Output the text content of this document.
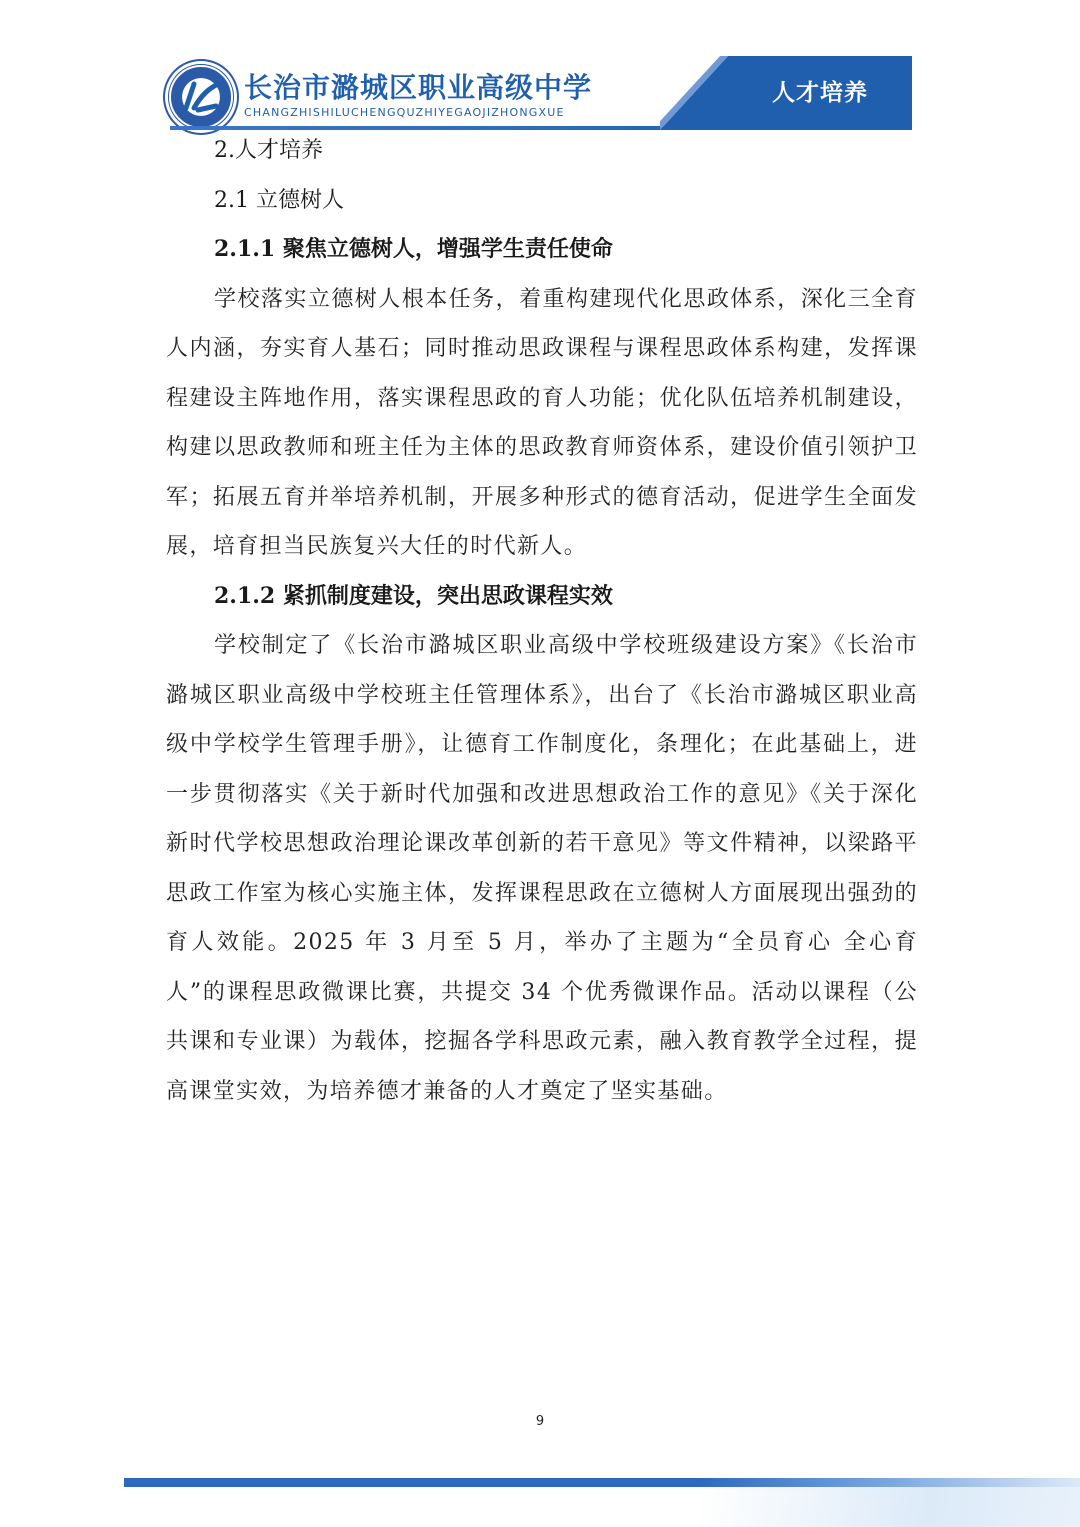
长治市潞城区职业高级中学
CHANGZHISHILUCHENGQUZHIYEGAOJIZHONGXUE
人才培养

2.人才培养

2.1 立德树人

2.1.1 聚焦立德树人，增强学生责任使命

学校落实立德树人根本任务，着重构建现代化思政体系，深化三全育人内涵，夯实育人基石；同时推动思政课程与课程思政体系构建，发挥课程建设主阵地作用，落实课程思政的育人功能；优化队伍培养机制建设，构建以思政教师和班主任为主体的思政教育师资体系，建设价值引领护卫军；拓展五育并举培养机制，开展多种形式的德育活动，促进学生全面发展，培育担当民族复兴大任的时代新人。

2.1.2 紧抓制度建设，突出思政课程实效

学校制定了《长治市潞城区职业高级中学校班级建设方案》《长治市潞城区职业高级中学校班主任管理体系》，出台了《长治市潞城区职业高级中学校学生管理手册》，让德育工作制度化，条理化；在此基础上，进一步贯彻落实《关于新时代加强和改进思想政治工作的意见》《关于深化新时代学校思想政治理论课改革创新的若干意见》等文件精神，以梁路平思政工作室为核心实施主体，发挥课程思政在立德树人方面展现出强劲的育人效能。2025 年 3 月至 5 月，举办了主题为“全员育心 全心育人”的课程思政微课比赛，共提交 34 个优秀微课作品。活动以课程（公共课和专业课）为载体，挖掘各学科思政元素，融入教育教学全过程，提高课堂实效，为培养德才兼备的人才奠定了坚实基础。

9
